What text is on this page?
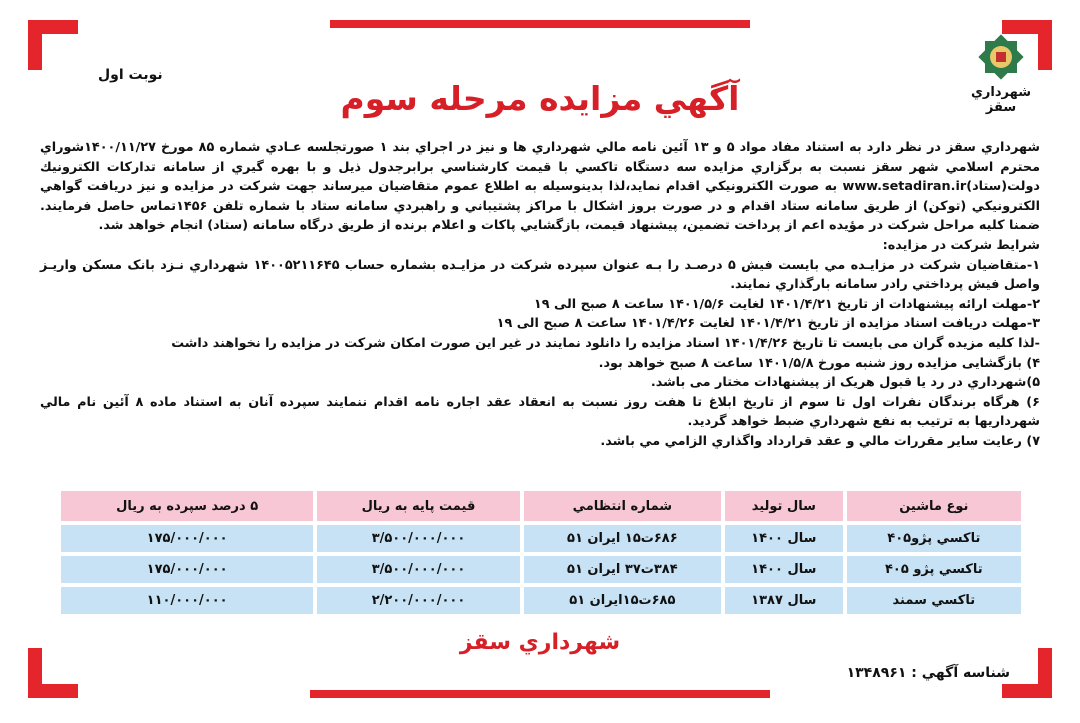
شهرداري سقز
نوبت اول
آگهي مزايده مرحله سوم

شهرداري سقز در نظر دارد به استناد مفاد مواد ۵ و ۱۳ آئين نامه مالي شهرداري ها و نيز در اجراي بند ۱ صورتجلسه عـادي شماره ۸۵ مورخ ۱۴۰۰/۱۱/۲۷شوراي محترم اسلامي شهر سقز نسبت به برگزاري مزايده سه دستگاه تاكسي با قيمت كارشناسي برابرجدول ذيل و با بهره گيري از سامانه تداركات الكترونيك دولت(ستاد)www.setadiran.ir به صورت الكترونيكي اقدام نمايد،لذا بدينوسيله به اطلاع عموم متقاضيان ميرساند جهت شركت در مزايده و نيز دريافت گواهي الكترونيكي (توكن) از طريق سامانه ستاد اقدام و در صورت بروز اشكال با مراكز پشتيباني و راهبردي سامانه ستاد با شماره تلفن ۱۴۵۶تماس حاصل فرمايند. ضمنا كليه مراحل شركت در مؤيده اعم از پرداخت تضمين، پيشنهاد قيمت، بازگشايي پاكات و اعلام برنده از طريق درگاه سامانه (ستاد) انجام خواهد شد.

شرايط شركت در مزايده:

۱-متقاضيان شركت در مزايـده مي بايست فيش ۵ درصـد را بـه عنوان سپرده شركت در مزايـده بشماره حساب ۱۴۰۰۵۲۱۱۶۴۵ شهرداري نـزد بانک مسكن واريـز واصل فيش پرداختي رادر سامانه بارگذاري نمايند.

۲-مهلت ارائه پيشنهادات از تاريخ ۱۴۰۱/۴/۲۱ لغايت ۱۴۰۱/۵/۶ ساعت ۸ صبح الی ۱۹

۳-مهلت دريافت اسناد مزايده از تاريخ ۱۴۰۱/۴/۲۱ لغايت ۱۴۰۱/۴/۲۶ ساعت ۸ صبح الی ۱۹

-لذا كليه مزيده گران می بايست تا تاريخ ۱۴۰۱/۴/۲۶ اسناد مزايده را دانلود نمايند در غير اين صورت امكان شركت در مزايده را نخواهند داشت

۴) بازگشايی مزايده روز شنبه مورخ ۱۴۰۱/۵/۸ ساعت ۸ صبح خواهد بود.

۵)شهرداري در رد يا قبول هريک از پيشنهادات مختار می باشد.

۶) هرگاه برندگان نفرات اول تا سوم از تاريخ ابلاغ تا هفت روز نسبت به انعقاد عقد اجاره نامه اقدام ننمايند سپرده آنان به استناد ماده ۸ آئين نام مالي شهرداريها به ترتيب به نفع شهرداري ضبط خواهد گرديد.

۷) رعايت ساير مقررات مالي و عقد قرارداد واگذاري الزامي مي باشد.

نوع ماشين	سال توليد	شماره انتظامي	قيمت پايه به ريال	۵ درصد سپرده به ريال
تاكسي پژو۴۰۵	سال ۱۴۰۰	۶۸۶ت۱۵ ايران ۵۱	۳/۵۰۰/۰۰۰/۰۰۰	۱۷۵/۰۰۰/۰۰۰
تاكسي پژو ۴۰۵	سال ۱۴۰۰	۳۸۴ت۳۷ ايران ۵۱	۳/۵۰۰/۰۰۰/۰۰۰	۱۷۵/۰۰۰/۰۰۰
تاكسي سمند	سال ۱۳۸۷	۶۸۵ت۱۵ايران ۵۱	۲/۲۰۰/۰۰۰/۰۰۰	۱۱۰/۰۰۰/۰۰۰
شهرداري سقز
شناسه آگهي : ۱۳۴۸۹۶۱
